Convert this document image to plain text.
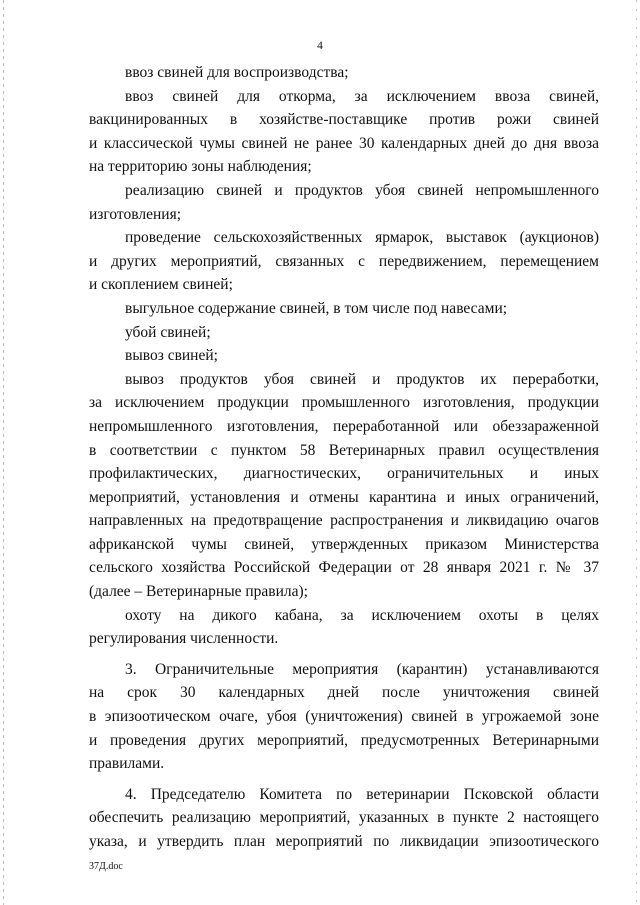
4

ввоз свиней для воспроизводства;

ввоз свиней для откорма, за исключением ввоза свиней,
вакцинированных в хозяйстве-поставщике против рожи свиней
и классической чумы свиней не ранее 30 календарных дней до дня ввоза
на территорию зоны наблюдения;

реализацию свиней и продуктов убоя свиней непромышленного
изготовления;

проведение сельскохозяйственных ярмарок, выставок (аукционов)
и других мероприятий, связанных с передвижением, перемещением
и скоплением свиней;

выгульное содержание свиней, в том числе под навесами;

убой свиней;

вывоз свиней;

вывоз продуктов убоя свиней и продуктов их переработки,
за исключением продукции промышленного изготовления, продукции
непромышленного изготовления, переработанной или обеззараженной
в соответствии с пунктом 58 Ветеринарных правил осуществления
профилактических, диагностических, ограничительных и иных
мероприятий, установления и отмены карантина и иных ограничений,
направленных на предотвращение распространения и ликвидацию очагов
африканской чумы свиней, утвержденных приказом Министерства
сельского хозяйства Российской Федерации от 28 января 2021 г. № 37
(далее – Ветеринарные правила);

охоту на дикого кабана, за исключением охоты в целях
регулирования численности.

3. Ограничительные мероприятия (карантин) устанавливаются
на срок 30 календарных дней после уничтожения свиней
в эпизоотическом очаге, убоя (уничтожения) свиней в угрожаемой зоне
и проведения других мероприятий, предусмотренных Ветеринарными
правилами.

4. Председателю Комитета по ветеринарии Псковской области
обеспечить реализацию мероприятий, указанных в пункте 2 настоящего
указа, и утвердить план мероприятий по ликвидации эпизоотического

37Д.doc
